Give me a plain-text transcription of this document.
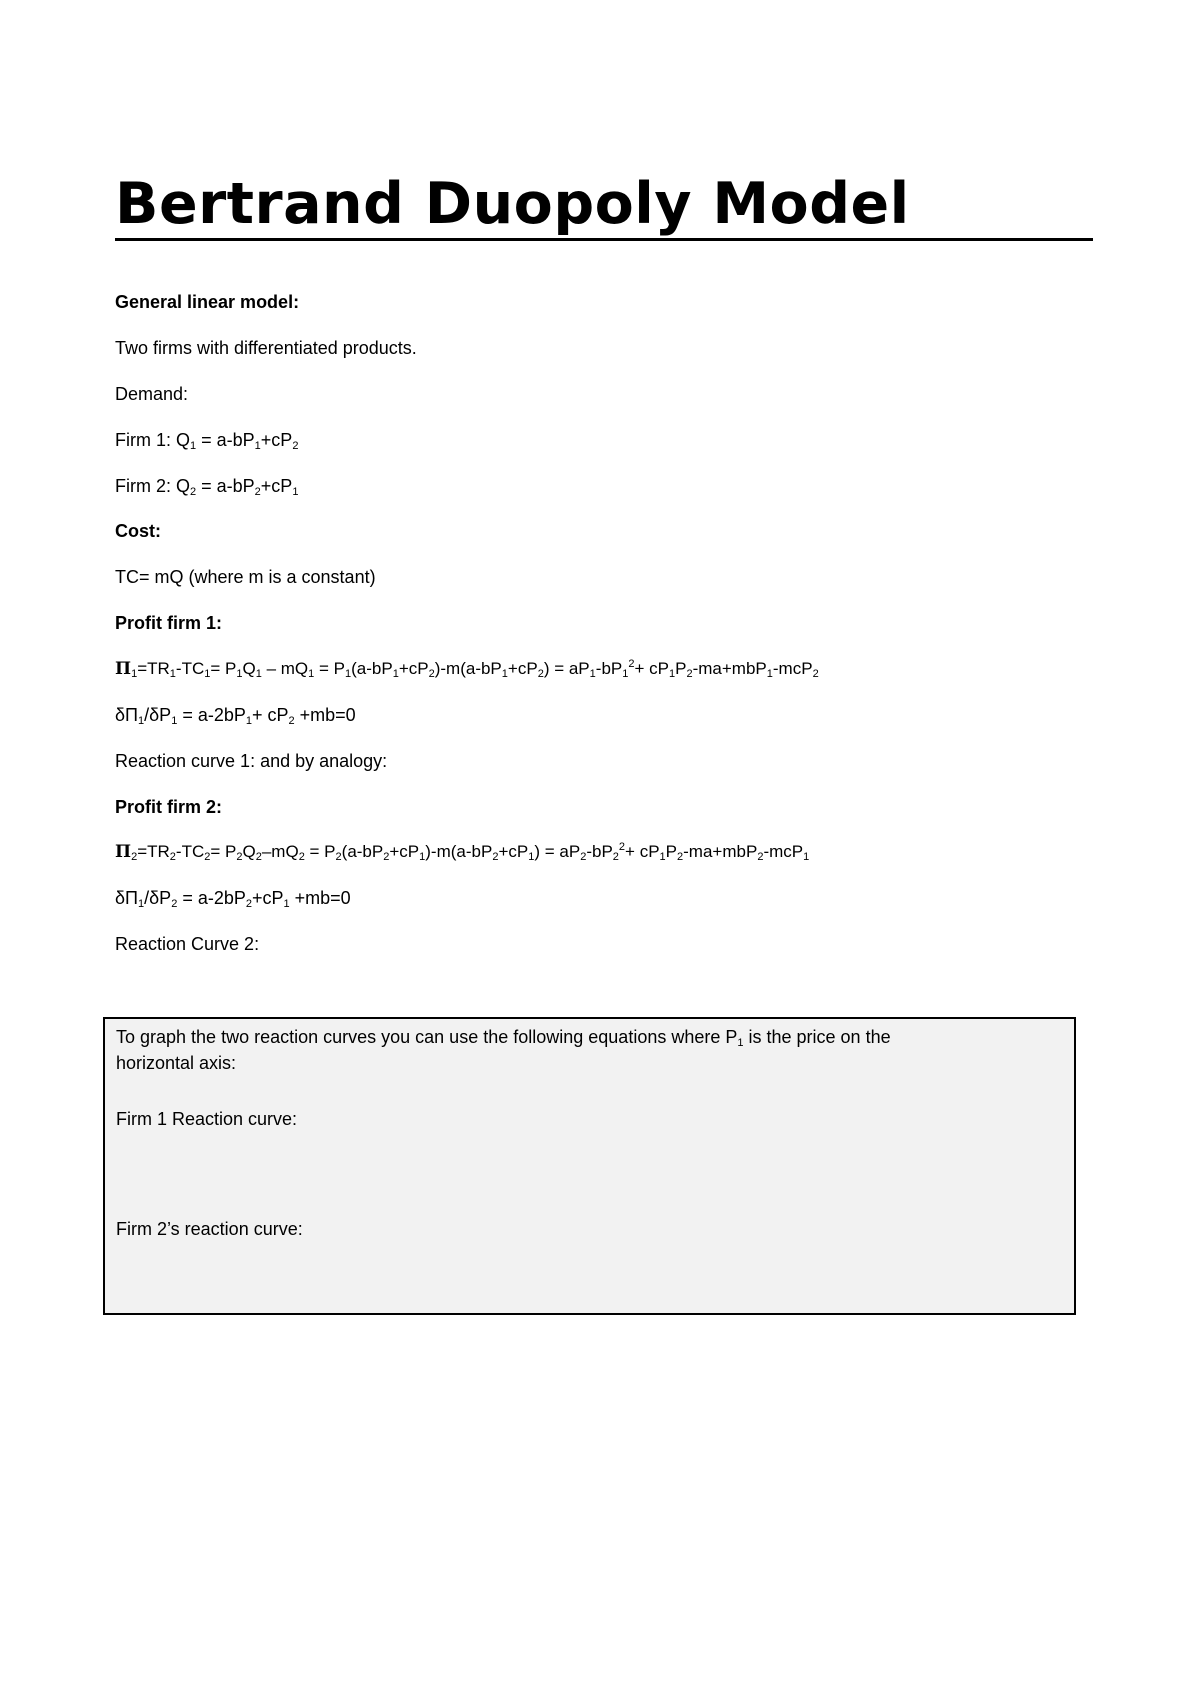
Bertrand Duopoly Model
General linear model:
Two firms with differentiated products.
Demand:
Firm 1: $Q_1 = a-bP_1+cP_2$
Firm 2: $Q_2 = a-bP_2+cP_1$
Cost:
TC= mQ (where m is a constant)
Profit firm 1:
$\Pi_1=TR_1-TC_1= P_1Q_1 - mQ_1 = P_1(a-bP_1+cP_2)-m(a-bP_1+cP_2) = aP_1-bP_1^2+ cP_1P_2-ma+mbP_1-mcP_2$
$\delta\Pi_1/\delta P_1 = a-2bP_1+ cP_2 +mb=0$
Reaction curve 1: and by analogy:
Profit firm 2:
$\Pi_2=TR_2-TC_2= P_2Q_2-mQ_2 = P_2(a-bP_2+cP_1)-m(a-bP_2+cP_1) = aP_2-bP_2^2+ cP_1P_2-ma+mbP_2-mcP_1$
$\delta\Pi_1/\delta P_2 = a-2bP_2+cP_1 +mb=0$
Reaction Curve 2:
To graph the two reaction curves you can use the following equations where $P_1$ is the price on the
horizontal axis:
Firm 1 Reaction curve:
Firm 2’s reaction curve:
